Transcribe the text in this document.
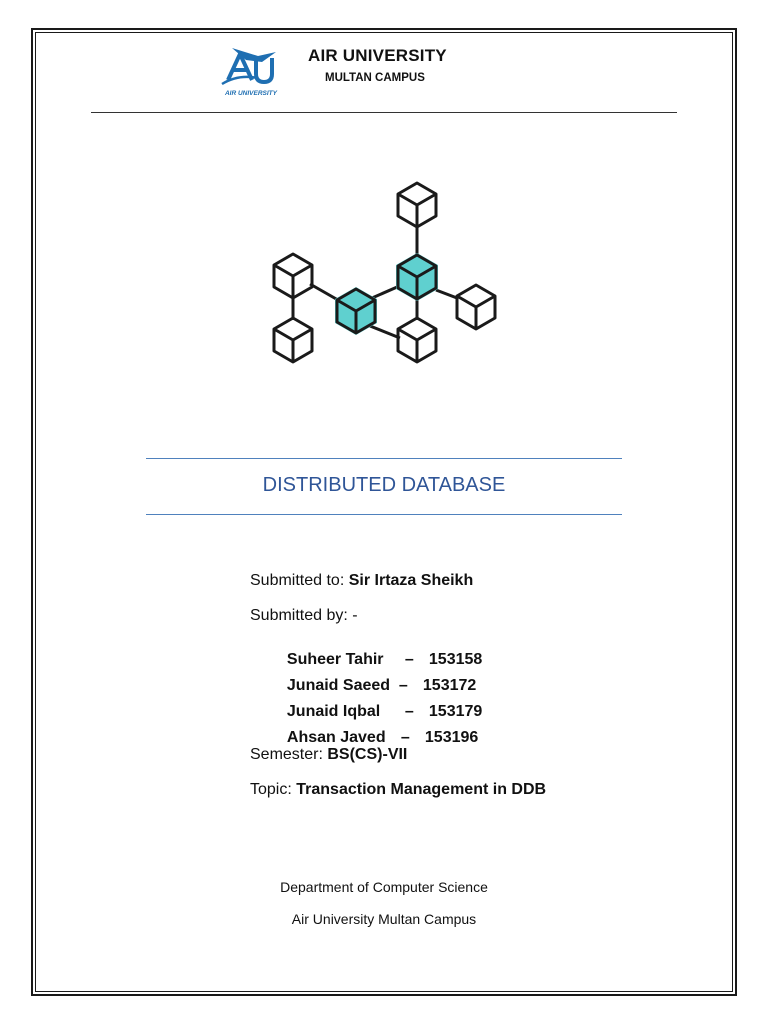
AIR UNIVERSITY
AIR UNIVERSITY
MULTAN CAMPUS
DISTRIBUTED DATABASE
Submitted to: Sir Irtaza Sheikh
Submitted by: -

Suheer Tahir – 153158

Junaid Saeed – 153172

Junaid Iqbal – 153179

Ahsan Javed – 153196

Semester: BS(CS)-VII
Topic: Transaction Management in DDB
Department of Computer Science
Air University Multan Campus
